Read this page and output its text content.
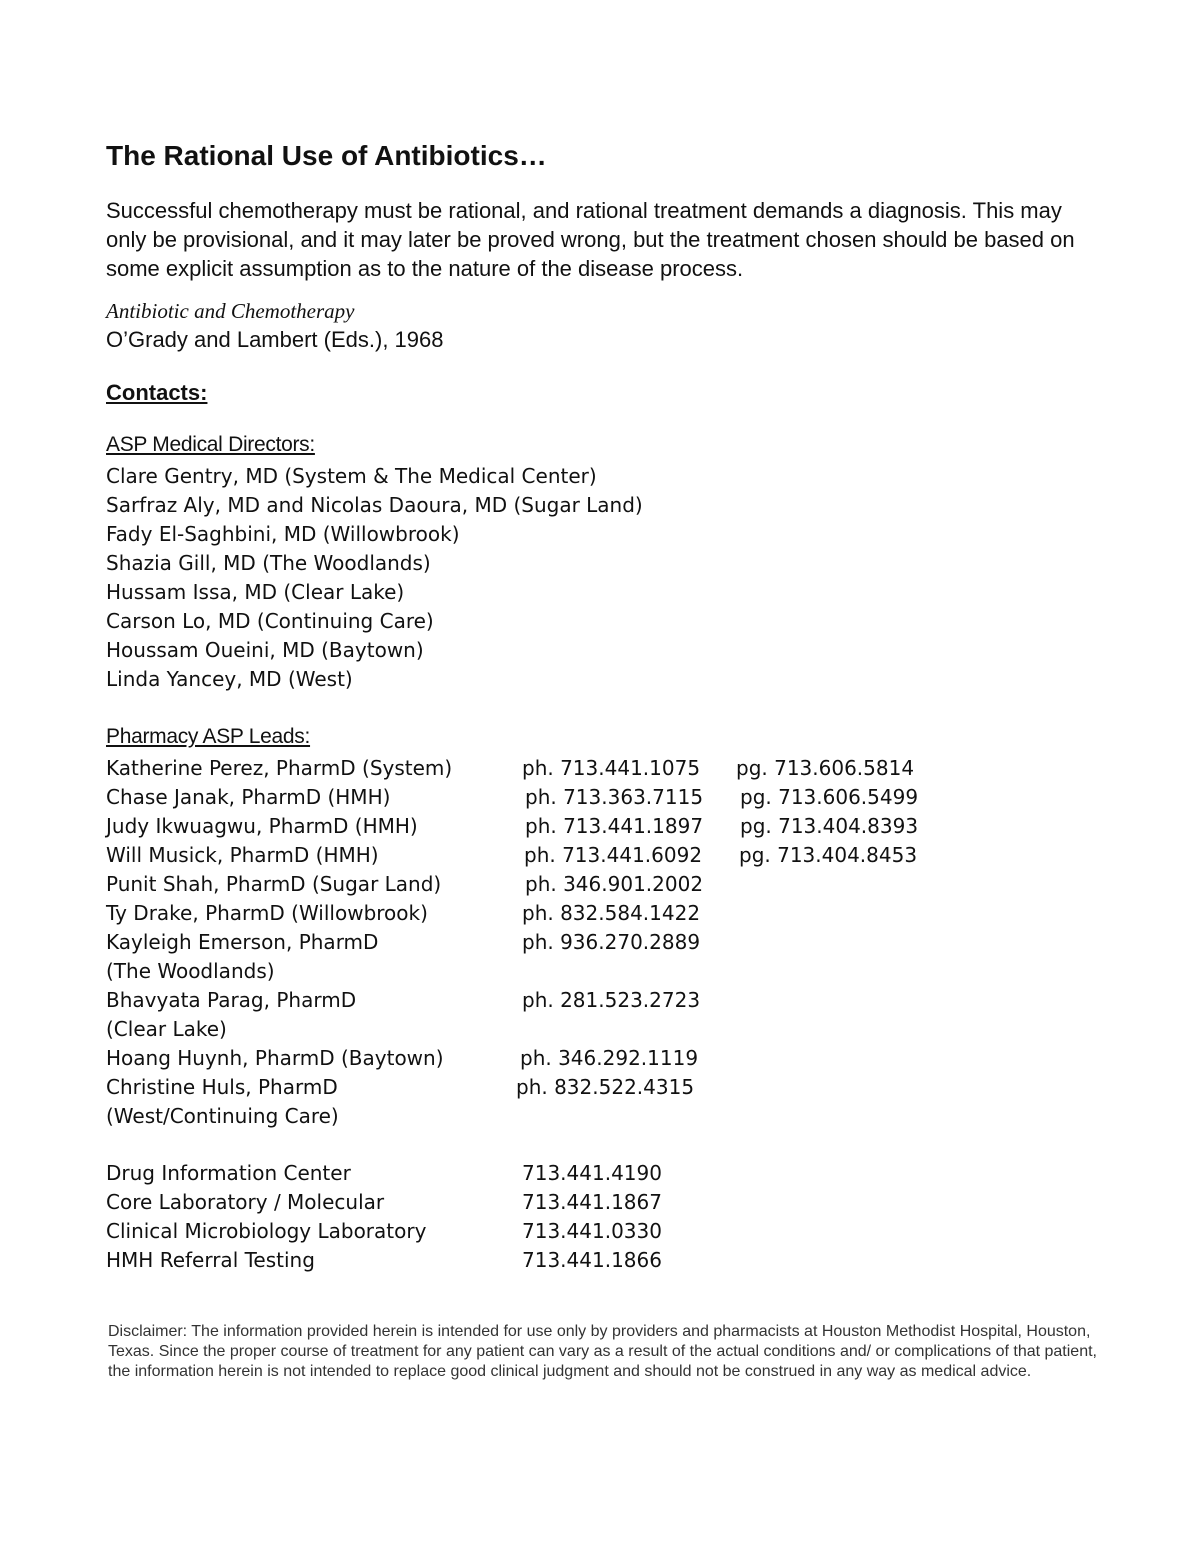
The Rational Use of Antibiotics…
Successful chemotherapy must be rational, and rational treatment demands a diagnosis. This may only be provisional, and it may later be proved wrong, but the treatment chosen should be based on some explicit assumption as to the nature of the disease process.
Antibiotic and Chemotherapy
O’Grady and Lambert (Eds.), 1968
Contacts:
ASP Medical Directors:
Clare Gentry, MD (System & The Medical Center)
Sarfraz Aly, MD and Nicolas Daoura, MD (Sugar Land)
Fady El-Saghbini, MD (Willowbrook)
Shazia Gill, MD (The Woodlands)
Hussam Issa, MD (Clear Lake)
Carson Lo, MD (Continuing Care)
Houssam Oueini, MD (Baytown)
Linda Yancey, MD (West)
Pharmacy ASP Leads:
Katherine Perez, PharmD (System)	ph. 713.441.1075 pg. 713.606.5814
Chase Janak, PharmD (HMH)	ph. 713.363.7115 pg. 713.606.5499
Judy Ikwuagwu, PharmD (HMH)	ph. 713.441.1897 pg. 713.404.8393
Will Musick, PharmD (HMH)	ph. 713.441.6092 pg. 713.404.8453
Punit Shah, PharmD (Sugar Land)	ph. 346.901.2002
Ty Drake, PharmD (Willowbrook)	ph. 832.584.1422
Kayleigh Emerson, PharmD	ph. 936.270.2889
(The Woodlands)
Bhavyata Parag, PharmD	ph. 281.523.2723
(Clear Lake)
Hoang Huynh, PharmD (Baytown)	ph. 346.292.1119
Christine Huls, PharmD	ph. 832.522.4315
(West/Continuing Care)
Drug Information Center	713.441.4190
Core Laboratory / Molecular	713.441.1867
Clinical Microbiology Laboratory	713.441.0330
HMH Referral Testing	713.441.1866
Disclaimer: The information provided herein is intended for use only by providers and pharmacists at Houston Methodist Hospital, Houston, Texas. Since the proper course of treatment for any patient can vary as a result of the actual conditions and/ or complications of that patient, the information herein is not intended to replace good clinical judgment and should not be construed in any way as medical advice.
